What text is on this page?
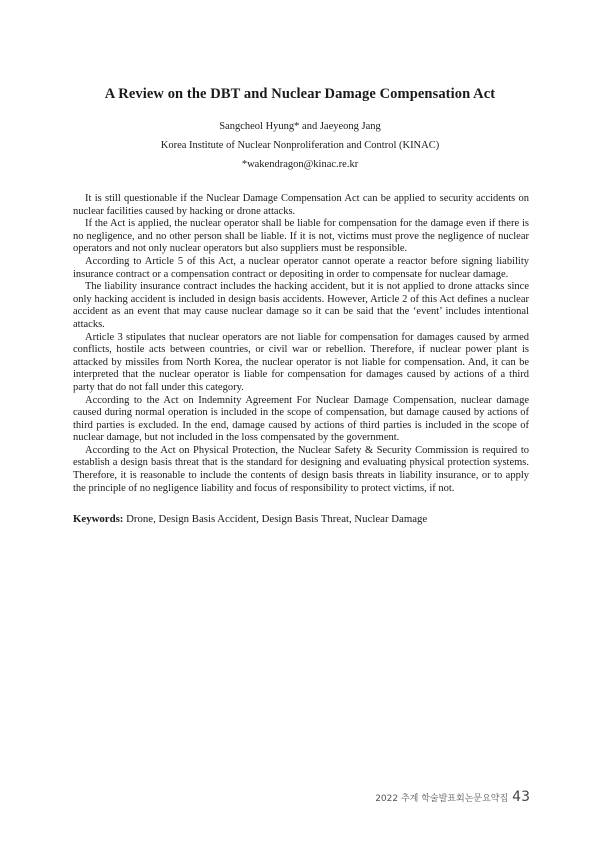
A Review on the DBT and Nuclear Damage Compensation Act
Sangcheol Hyung* and Jaeyeong Jang
Korea Institute of Nuclear Nonproliferation and Control (KINAC)
*wakendragon@kinac.re.kr

It is still questionable if the Nuclear Damage Compensation Act can be applied to security accidents on nuclear facilities caused by hacking or drone attacks.

If the Act is applied, the nuclear operator shall be liable for compensation for the damage even if there is no negligence, and no other person shall be liable. If it is not, victims must prove the negligence of nuclear operators and not only nuclear operators but also suppliers must be responsible.

According to Article 5 of this Act, a nuclear operator cannot operate a reactor before signing liability insurance contract or a compensation contract or depositing in order to compensate for nuclear damage.

The liability insurance contract includes the hacking accident, but it is not applied to drone attacks since only hacking accident is included in design basis accidents. However, Article 2 of this Act defines a nuclear accident as an event that may cause nuclear damage so it can be said that the ‘event’ includes intentional attacks.

Article 3 stipulates that nuclear operators are not liable for compensation for damages caused by armed conflicts, hostile acts between countries, or civil war or rebellion. Therefore, if nuclear power plant is attacked by missiles from North Korea, the nuclear operator is not liable for compensation. And, it can be interpreted that the nuclear operator is liable for compensation for damages caused by actions of a third party that do not fall under this category.

According to the Act on Indemnity Agreement For Nuclear Damage Compensation, nuclear damage caused during normal operation is included in the scope of compensation, but damage caused by actions of third parties is excluded. In the end, damage caused by actions of third parties is included in the scope of nuclear damage, but not included in the loss compensated by the government.

According to the Act on Physical Protection, the Nuclear Safety & Security Commission is required to establish a design basis threat that is the standard for designing and evaluating physical protection systems. Therefore, it is reasonable to include the contents of design basis threats in liability insurance, or to apply the principle of no negligence liability and focus of responsibility to protect victims, if not.

Keywords: Drone, Design Basis Accident, Design Basis Threat, Nuclear Damage
2022 추계 학술발표회논문요약집 43
